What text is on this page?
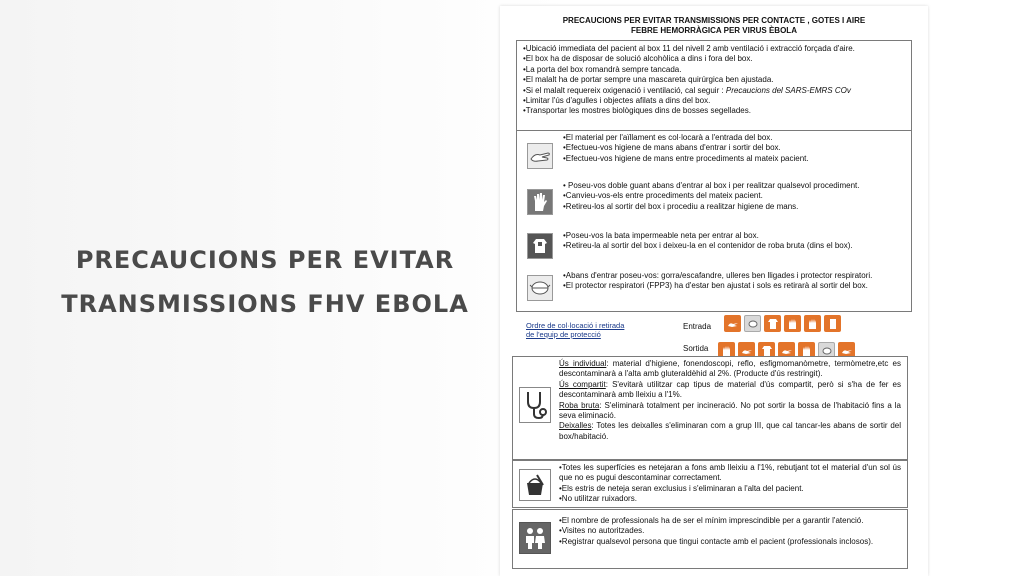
PRECAUCIONS PER EVITAR
TRANSMISSIONS FHV EBOLA
PRECAUCIONS PER EVITAR TRANSMISSIONS PER CONTACTE , GOTES I AIRE
FEBRE HEMORRÀGICA PER VIRUS ÈBOLA
•Ubicació immediata del pacient al box 11 del nivell 2 amb ventilació i extracció forçada d'aire.
•El box ha de disposar de solució alcohòlica a dins i fora del box.
•La porta del box romandrà sempre tancada.
•El malalt ha de portar sempre una mascareta quirúrgica ben ajustada.
•Si el malalt requereix oxigenació i ventilació, cal seguir : Precaucions del SARS-EMRS COv
•Limitar l'ús d'agulles i objectes afilats a dins del box.
•Transportar les mostres biològiques dins de bosses segellades.
•El material per l'aïllament es col·locarà a l'entrada del box.
•Efectueu-vos higiene de mans abans d'entrar i sortir del box.
•Efectueu-vos higiene de mans entre procediments al mateix pacient.
• Poseu-vos doble guant abans d'entrar al box i per realitzar qualsevol procediment.
•Canvieu-vos-els entre procediments del mateix pacient.
•Retireu-los al sortir del box i procediu a realitzar higiene de mans.
•Poseu-vos la bata impermeable neta per entrar al box.
•Retireu-la al sortir del box i deixeu-la en el contenidor de roba bruta (dins el box).
•Abans d'entrar poseu-vos: gorra/escafandre, ulleres ben lligades i protector respiratori.
•El protector respiratori (FPP3) ha d'estar ben ajustat i sols es retirarà al sortir del box.
Ordre de col·locació i retirada de l'equip de protecció
Entrada
Sortida
Ús individual: material d'higiene, fonendoscopi, reflo, esfigmomanòmetre, termòmetre,etc es descontaminarà a l'alta amb gluteraldèhid al 2%. (Producte d'ús restringit).
Ús compartit: S'evitarà utilitzar cap tipus de material d'ús compartit, però si s'ha de fer es descontaminarà amb lleixiu a l'1%.
Roba bruta: S'eliminarà totalment per incineració. No pot sortir la bossa de l'habitació fins a la seva eliminació.
Deixalles: Totes les deixalles s'eliminaran com a grup III, que cal tancar-les abans de sortir del box/habitació.
•Totes les superfícies es netejaran a fons amb lleixiu a l'1%, rebutjant tot el material d'un sol ús que no es pugui descontaminar correctament.
•Els estris de neteja seran exclusius i s'eliminaran a l'alta del pacient.
•No utilitzar ruixadors.
•El nombre de professionals ha de ser el mínim imprescindible per a garantir l'atenció.
•Visites no autoritzades.
•Registrar qualsevol persona que tingui contacte amb el pacient (professionals inclosos).
